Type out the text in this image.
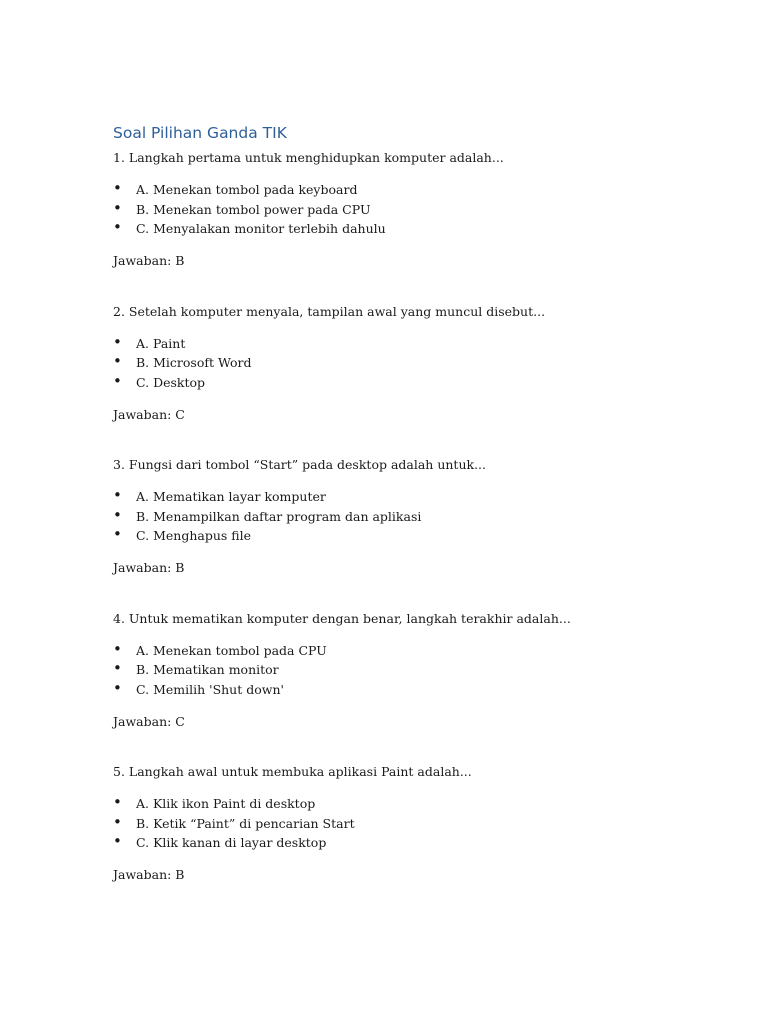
Soal Pilihan Ganda TIK
1. Langkah pertama untuk menghidupkan komputer adalah...
• A. Menekan tombol pada keyboard
• B. Menekan tombol power pada CPU
• C. Menyalakan monitor terlebih dahulu
Jawaban: B
2. Setelah komputer menyala, tampilan awal yang muncul disebut...
• A. Paint
• B. Microsoft Word
• C. Desktop
Jawaban: C
3. Fungsi dari tombol “Start” pada desktop adalah untuk...
• A. Mematikan layar komputer
• B. Menampilkan daftar program dan aplikasi
• C. Menghapus file
Jawaban: B
4. Untuk mematikan komputer dengan benar, langkah terakhir adalah...
• A. Menekan tombol pada CPU
• B. Mematikan monitor
• C. Memilih 'Shut down'
Jawaban: C
5. Langkah awal untuk membuka aplikasi Paint adalah...
• A. Klik ikon Paint di desktop
• B. Ketik “Paint” di pencarian Start
• C. Klik kanan di layar desktop
Jawaban: B
